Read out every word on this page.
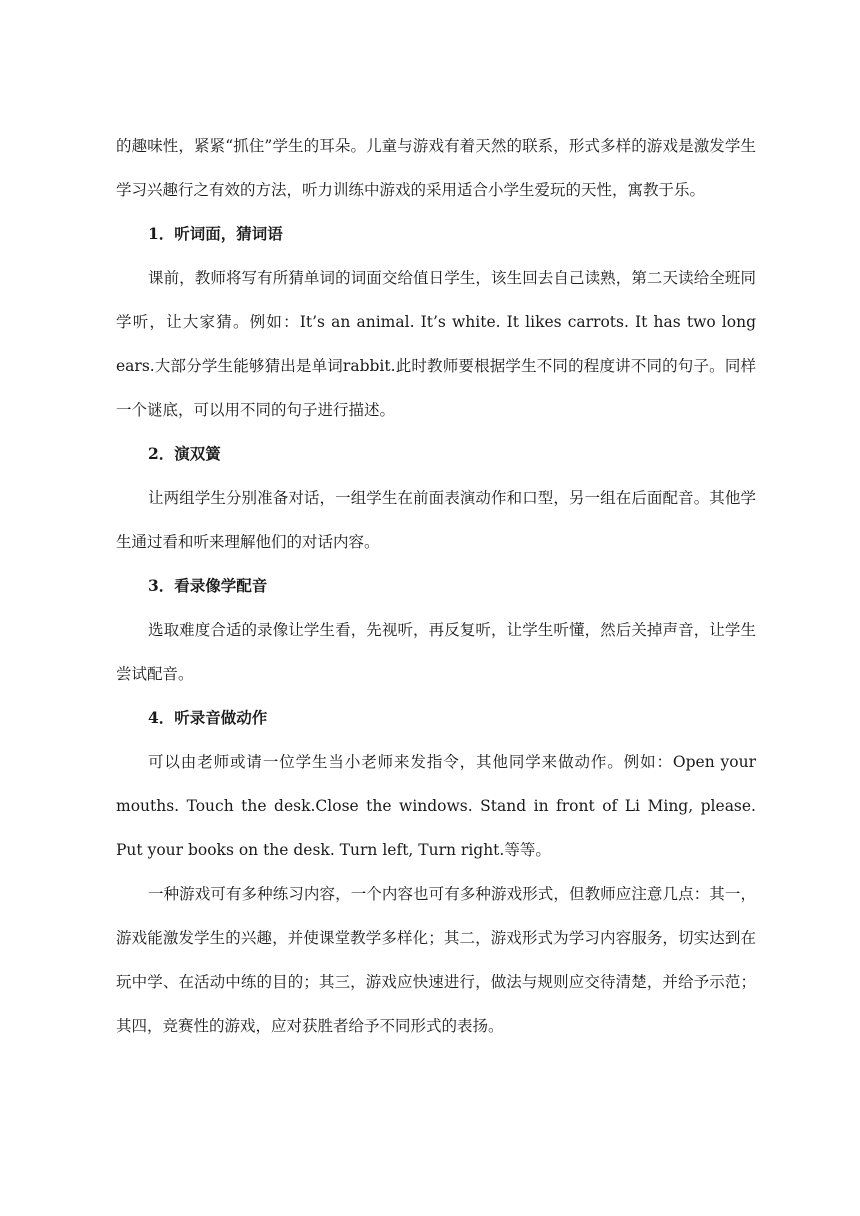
的趣味性，紧紧“抓住”学生的耳朵。儿童与游戏有着天然的联系，形式多样的游戏是激发学生学习兴趣行之有效的方法，听力训练中游戏的采用适合小学生爱玩的天性，寓教于乐。

1．听词面，猜词语

课前，教师将写有所猜单词的词面交给值日学生，该生回去自己读熟，第二天读给全班同学听，让大家猜。例如：It’s an animal. It’s white. It likes carrots. It has two long ears.大部分学生能够猜出是单词rabbit.此时教师要根据学生不同的程度讲不同的句子。同样一个谜底，可以用不同的句子进行描述。

2．演双簧

让两组学生分别准备对话，一组学生在前面表演动作和口型，另一组在后面配音。其他学生通过看和听来理解他们的对话内容。

3．看录像学配音

选取难度合适的录像让学生看，先视听，再反复听，让学生听懂，然后关掉声音，让学生尝试配音。

4．听录音做动作

可以由老师或请一位学生当小老师来发指令，其他同学来做动作。例如：Open your mouths. Touch the desk.Close the windows. Stand in front of Li Ming, please. Put your books on the desk. Turn left, Turn right.等等。

一种游戏可有多种练习内容，一个内容也可有多种游戏形式，但教师应注意几点：其一，游戏能激发学生的兴趣，并使课堂教学多样化；其二，游戏形式为学习内容服务，切实达到在玩中学、在活动中练的目的；其三，游戏应快速进行，做法与规则应交待清楚，并给予示范；其四，竞赛性的游戏，应对获胜者给予不同形式的表扬。
